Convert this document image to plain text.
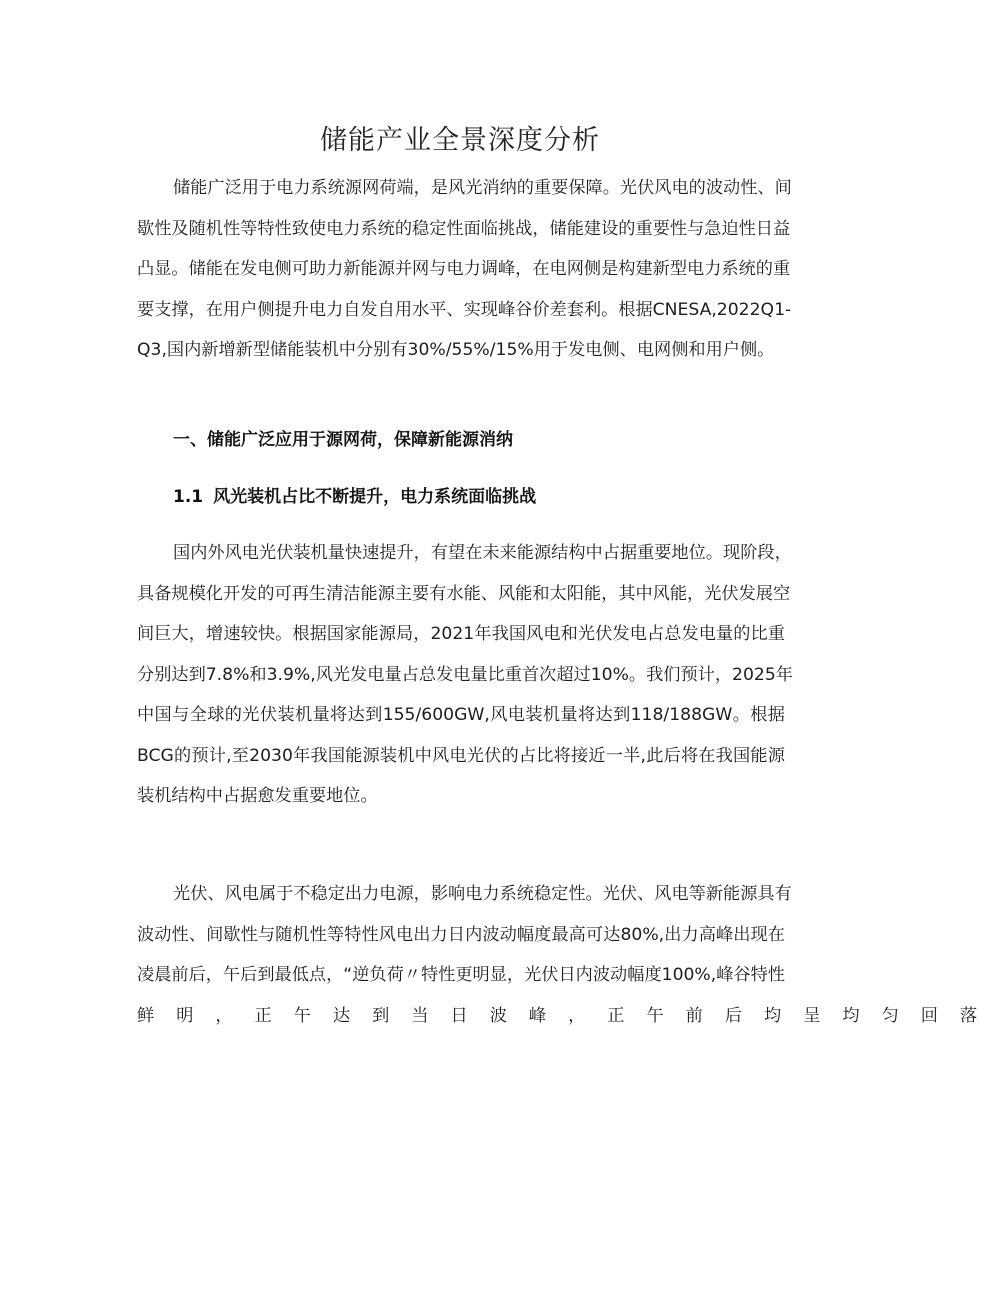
储能产业全景深度分析
储能广泛用于电力系统源网荷端，是风光消纳的重要保障。光伏风电的波动性、间
歇性及随机性等特性致使电力系统的稳定性面临挑战，储能建设的重要性与急迫性日益
凸显。储能在发电侧可助力新能源并网与电力调峰，在电网侧是构建新型电力系统的重
要支撑，在用户侧提升电力自发自用水平、实现峰谷价差套利。根据CNESA,2022Q1-
Q3,国内新增新型储能装机中分别有30%/55%/15%用于发电侧、电网侧和用户侧。
一、储能广泛应用于源网荷，保障新能源消纳
1.1 风光装机占比不断提升，电力系统面临挑战
国内外风电光伏装机量快速提升，有望在未来能源结构中占据重要地位。现阶段，
具备规模化开发的可再生清洁能源主要有水能、风能和太阳能，其中风能，光伏发展空
间巨大，增速较快。根据国家能源局，2021年我国风电和光伏发电占总发电量的比重
分别达到7.8%和3.9%,风光发电量占总发电量比重首次超过10%。我们预计，2025年
中国与全球的光伏装机量将达到155/600GW,风电装机量将达到118/188GW。根据
BCG的预计,至2030年我国能源装机中风电光伏的占比将接近一半,此后将在我国能源
装机结构中占据愈发重要地位。
光伏、风电属于不稳定出力电源，影响电力系统稳定性。光伏、风电等新能源具有
波动性、间歇性与随机性等特性风电出力日内波动幅度最高可达80%,出力高峰出现在
凌晨前后，午后到最低点，“逆负荷〃特性更明显，光伏日内波动幅度100%,峰谷特性
鲜明，正午达到当日波峰，正午前后均呈均匀回落
